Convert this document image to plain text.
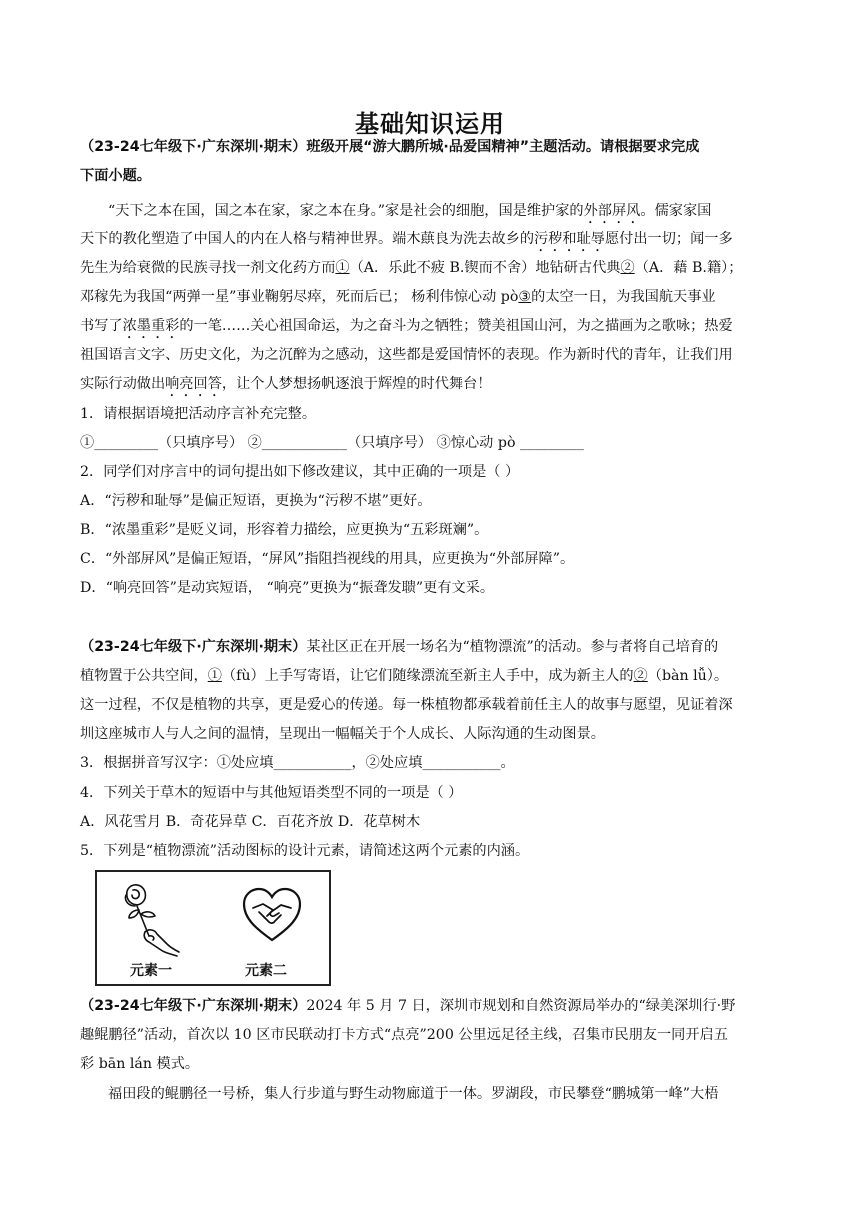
基础知识运用
（23-24七年级下·广东深圳·期末）班级开展“游大鹏所城·品爱国精神”主题活动。请根据要求完成
下面小题。
“天下之本在国，国之本在家，家之本在身。”家是社会的细胞，国是维护家的外部屏风。儒家家国
天下的教化塑造了中国人的内在人格与精神世界。端木蕻良为洗去故乡的污秽和耻辱愿付出一切；闻一多
先生为给衰微的民族寻找一剂文化药方而①（A．乐此不疲 B.锲而不舍）地钻研古代典②（A．藉 B.籍）；
邓稼先为我国“两弹一星”事业鞠躬尽瘁，死而后已； 杨利伟惊心动 pò③的太空一日，为我国航天事业
书写了浓墨重彩的一笔……关心祖国命运，为之奋斗为之牺牲；赞美祖国山河，为之描画为之歌咏；热爱
祖国语言文字、历史文化，为之沉醉为之感动，这些都是爱国情怀的表现。作为新时代的青年，让我们用
实际行动做出响亮回答，让个人梦想扬帆逐浪于辉煌的时代舞台！
1．请根据语境把活动序言补充完整。
①_________（只填序号） ②____________（只填序号） ③惊心动 pò _________
2．同学们对序言中的词句提出如下修改建议，其中正确的一项是（ ）
A．“污秽和耻辱”是偏正短语，更换为“污秽不堪”更好。
B．“浓墨重彩”是贬义词，形容着力描绘，应更换为“五彩斑斓”。
C．“外部屏风”是偏正短语，“屏风”指阻挡视线的用具，应更换为“外部屏障”。
D．“响亮回答”是动宾短语， “响亮”更换为“振聋发聩”更有文采。
（23-24七年级下·广东深圳·期末）某社区正在开展一场名为“植物漂流”的活动。参与者将自己培育的
植物置于公共空间，①（fù）上手写寄语，让它们随缘漂流至新主人手中，成为新主人的②（bàn lǚ）。
这一过程，不仅是植物的共享，更是爱心的传递。每一株植物都承载着前任主人的故事与愿望，见证着深
圳这座城市人与人之间的温情，呈现出一幅幅关于个人成长、人际沟通的生动图景。
3．根据拼音写汉字：①处应填___________，②处应填___________。
4．下列关于草木的短语中与其他短语类型不同的一项是（ ）
A．风花雪月 B．奇花异草 C．百花齐放 D．花草树木
5．下列是“植物漂流”活动图标的设计元素，请简述这两个元素的内涵。
元素一	元素二
（23-24七年级下·广东深圳·期末）2024 年 5 月 7 日，深圳市规划和自然资源局举办的“绿美深圳行·野
趣鲲鹏径”活动，首次以 10 区市民联动打卡方式“点亮”200 公里远足径主线，召集市民朋友一同开启五
彩 bān lán 模式。
福田段的鲲鹏径一号桥，集人行步道与野生动物廊道于一体。罗湖段，市民攀登“鹏城第一峰”大梧
